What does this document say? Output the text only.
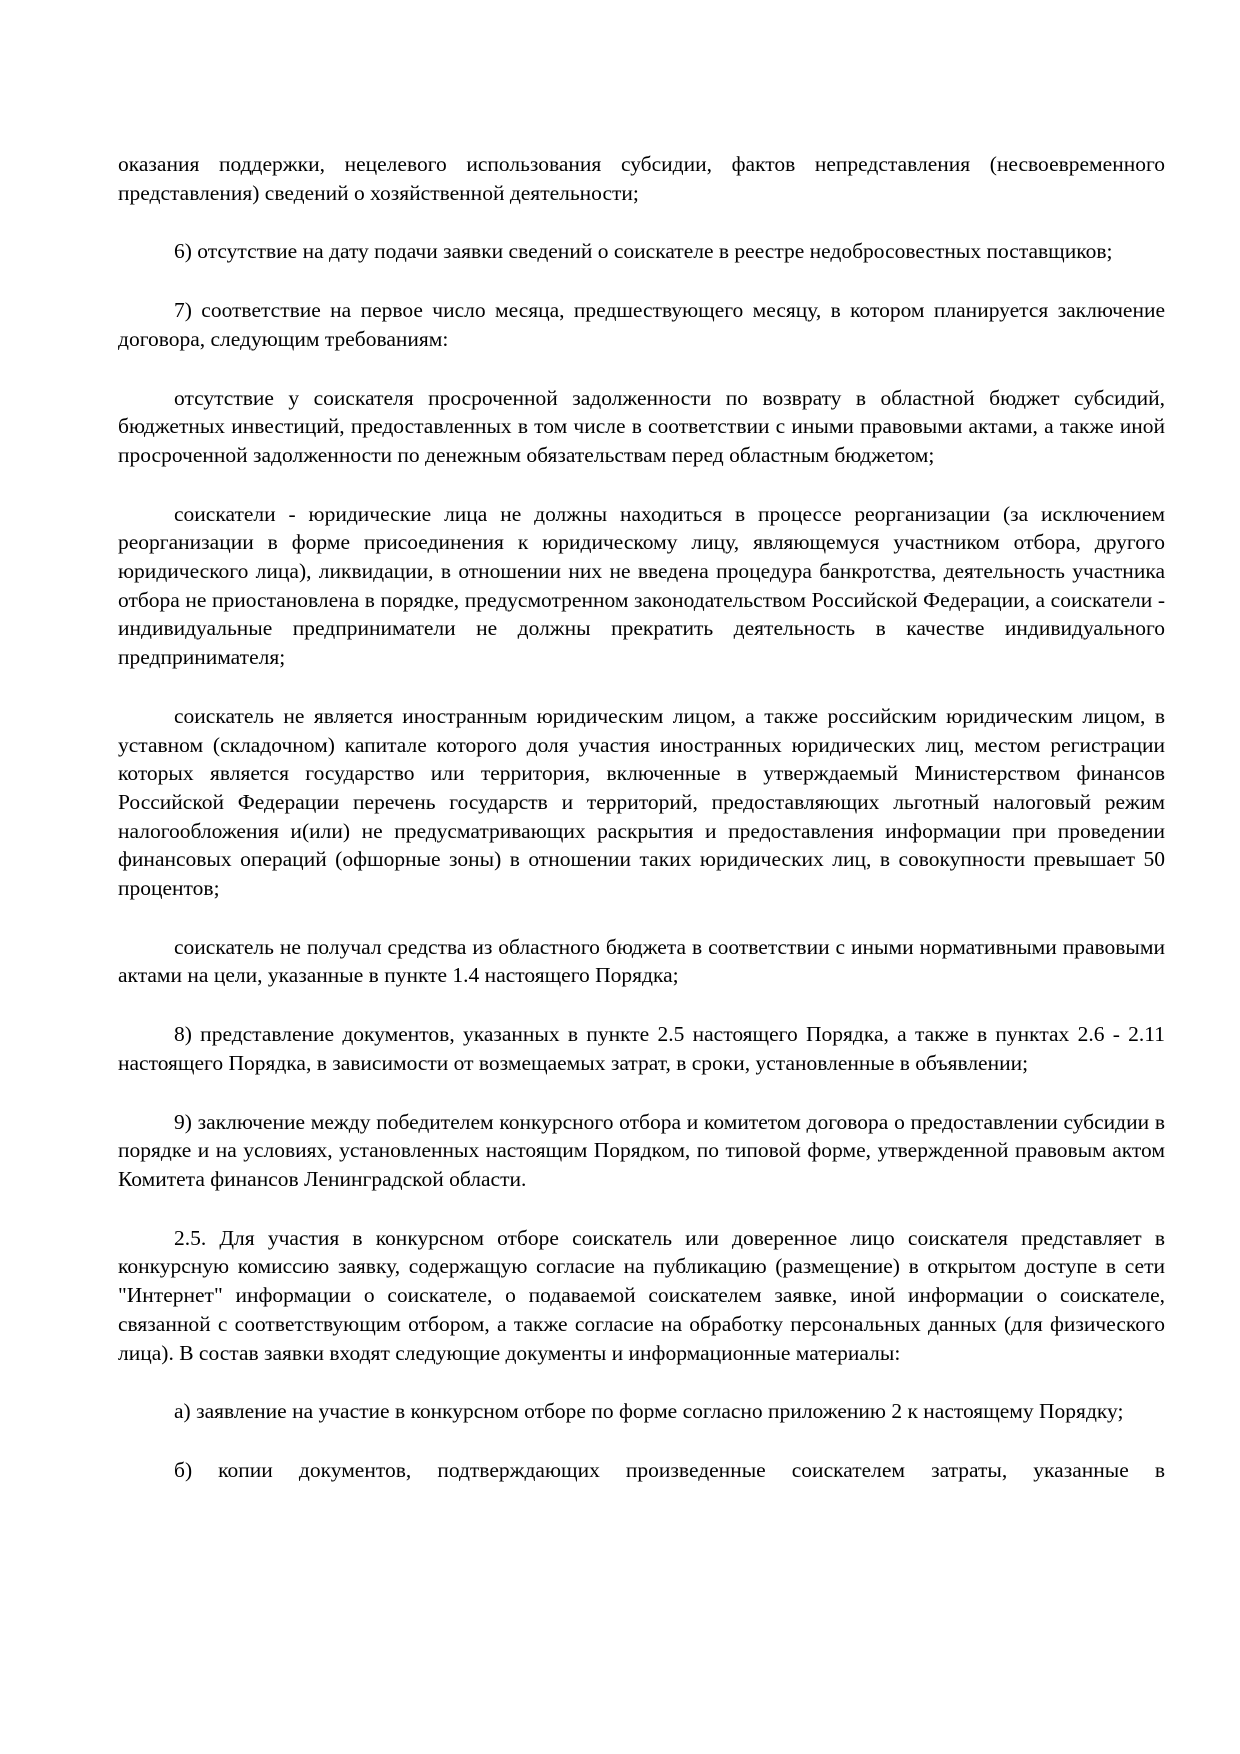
оказания поддержки, нецелевого использования субсидии, фактов непредставления (несвоевременного представления) сведений о хозяйственной деятельности;

6) отсутствие на дату подачи заявки сведений о соискателе в реестре недобросовестных поставщиков;

7) соответствие на первое число месяца, предшествующего месяцу, в котором планируется заключение договора, следующим требованиям:

отсутствие у соискателя просроченной задолженности по возврату в областной бюджет субсидий, бюджетных инвестиций, предоставленных в том числе в соответствии с иными правовыми актами, а также иной просроченной задолженности по денежным обязательствам перед областным бюджетом;

соискатели - юридические лица не должны находиться в процессе реорганизации (за исключением реорганизации в форме присоединения к юридическому лицу, являющемуся участником отбора, другого юридического лица), ликвидации, в отношении них не введена процедура банкротства, деятельность участника отбора не приостановлена в порядке, предусмотренном законодательством Российской Федерации, а соискатели - индивидуальные предприниматели не должны прекратить деятельность в качестве индивидуального предпринимателя;

соискатель не является иностранным юридическим лицом, а также российским юридическим лицом, в уставном (складочном) капитале которого доля участия иностранных юридических лиц, местом регистрации которых является государство или территория, включенные в утверждаемый Министерством финансов Российской Федерации перечень государств и территорий, предоставляющих льготный налоговый режим налогообложения и(или) не предусматривающих раскрытия и предоставления информации при проведении финансовых операций (офшорные зоны) в отношении таких юридических лиц, в совокупности превышает 50 процентов;

соискатель не получал средства из областного бюджета в соответствии с иными нормативными правовыми актами на цели, указанные в пункте 1.4 настоящего Порядка;

8) представление документов, указанных в пункте 2.5 настоящего Порядка, а также в пунктах 2.6 - 2.11 настоящего Порядка, в зависимости от возмещаемых затрат, в сроки, установленные в объявлении;

9) заключение между победителем конкурсного отбора и комитетом договора о предоставлении субсидии в порядке и на условиях, установленных настоящим Порядком, по типовой форме, утвержденной правовым актом Комитета финансов Ленинградской области.

2.5. Для участия в конкурсном отборе соискатель или доверенное лицо соискателя представляет в конкурсную комиссию заявку, содержащую согласие на публикацию (размещение) в открытом доступе в сети "Интернет" информации о соискателе, о подаваемой соискателем заявке, иной информации о соискателе, связанной с соответствующим отбором, а также согласие на обработку персональных данных (для физического лица). В состав заявки входят следующие документы и информационные материалы:

а) заявление на участие в конкурсном отборе по форме согласно приложению 2 к настоящему Порядку;

б) копии документов, подтверждающих произведенные соискателем затраты, указанные в
